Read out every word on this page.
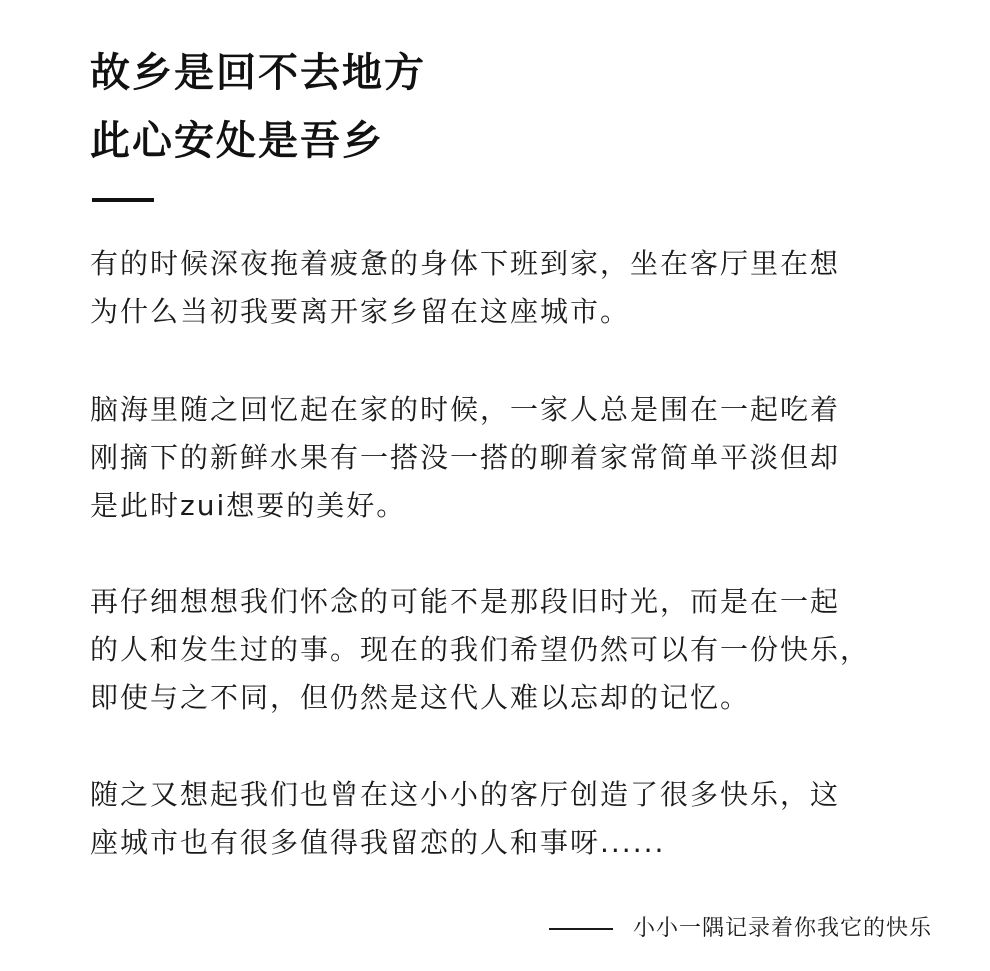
故乡是回不去地方
此心安处是吾乡

有的时候深夜拖着疲惫的身体下班到家，坐在客厅里在想
为什么当初我要离开家乡留在这座城市。

脑海里随之回忆起在家的时候，一家人总是围在一起吃着
刚摘下的新鲜水果有一搭没一搭的聊着家常简单平淡但却
是此时zui想要的美好。

再仔细想想我们怀念的可能不是那段旧时光，而是在一起
的人和发生过的事。现在的我们希望仍然可以有一份快乐，
即使与之不同，但仍然是这代人难以忘却的记忆。

随之又想起我们也曾在这小小的客厅创造了很多快乐，这
座城市也有很多值得我留恋的人和事呀......

小小一隅记录着你我它的快乐
